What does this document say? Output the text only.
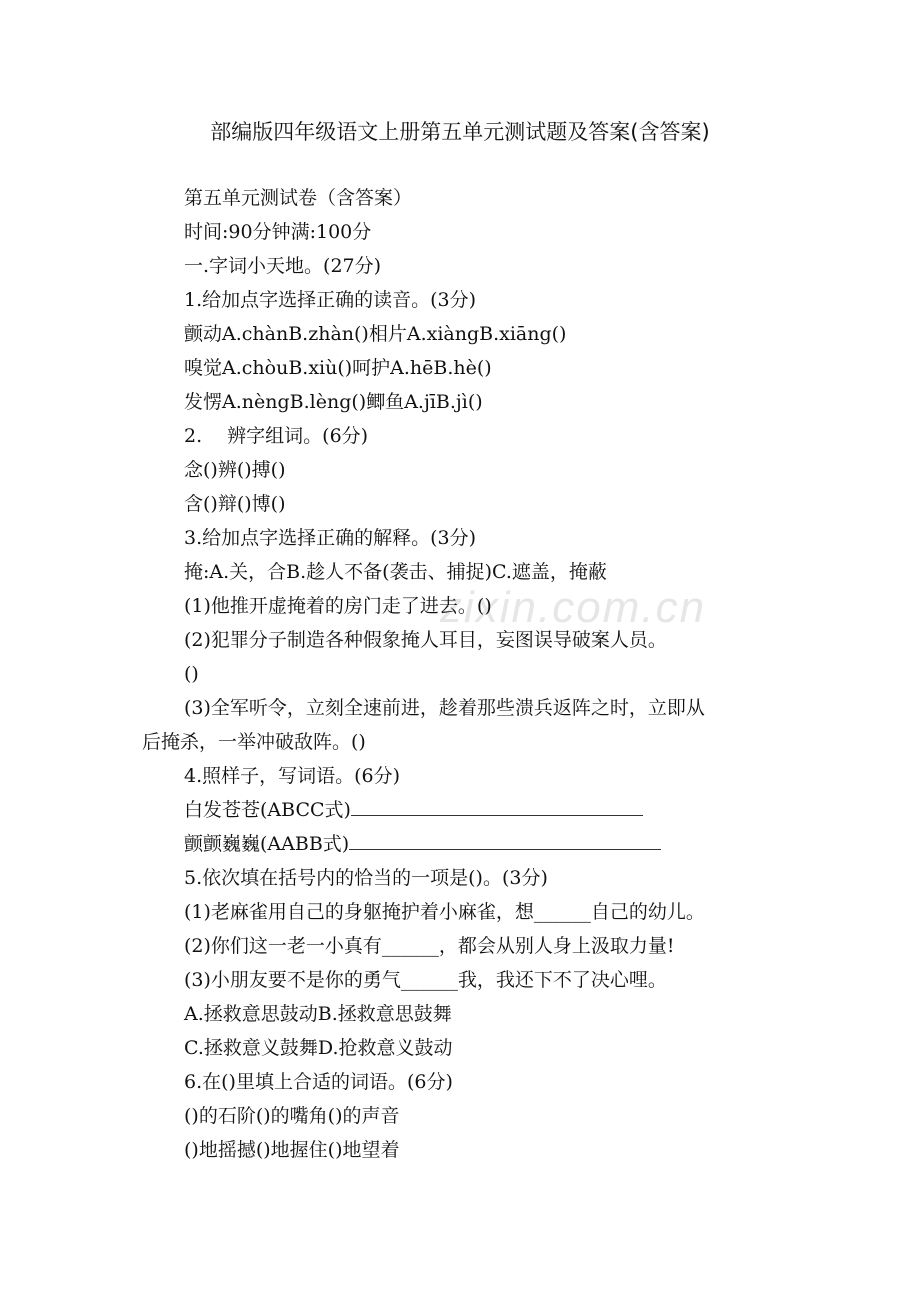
部编版四年级语文上册第五单元测试题及答案(含答案)
zixin.com.cn
第五单元测试卷（含答案）
时间:90分钟满:100分
一.字词小天地。(27分)
1.给加点字选择正确的读音。(3分)
颤动A.chànB.zhàn()相片A.xiàngB.xiāng()
嗅觉A.chòuB.xiù()呵护A.hēB.hè()
发愣A.nèngB.lèng()鲫鱼A.jīB.jì()
2.　 辨字组词。(6分)
念()辨()搏()
含()辩()博()
3.给加点字选择正确的解释。(3分)
掩:A.关，合B.趁人不备(袭击、捕捉)C.遮盖，掩蔽
(1)他推开虚掩着的房门走了进去。()
(2)犯罪分子制造各种假象掩人耳目，妄图误导破案人员。
()
(3)全军听令，立刻全速前进，趁着那些溃兵返阵之时，立即从
后掩杀，一举冲破敌阵。()
4.照样子，写词语。(6分)
白发苍苍(ABCC式)
颤颤巍巍(AABB式)
5.依次填在括号内的恰当的一项是()。(3分)
(1)老麻雀用自己的身躯掩护着小麻雀，想______自己的幼儿。
(2)你们这一老一小真有______，都会从别人身上汲取力量!
(3)小朋友要不是你的勇气______我，我还下不了决心哩。
A.拯救意思鼓动B.拯救意思鼓舞
C.拯救意义鼓舞D.抢救意义鼓动
6.在()里填上合适的词语。(6分)
()的石阶()的嘴角()的声音
()地摇撼()地握住()地望着
